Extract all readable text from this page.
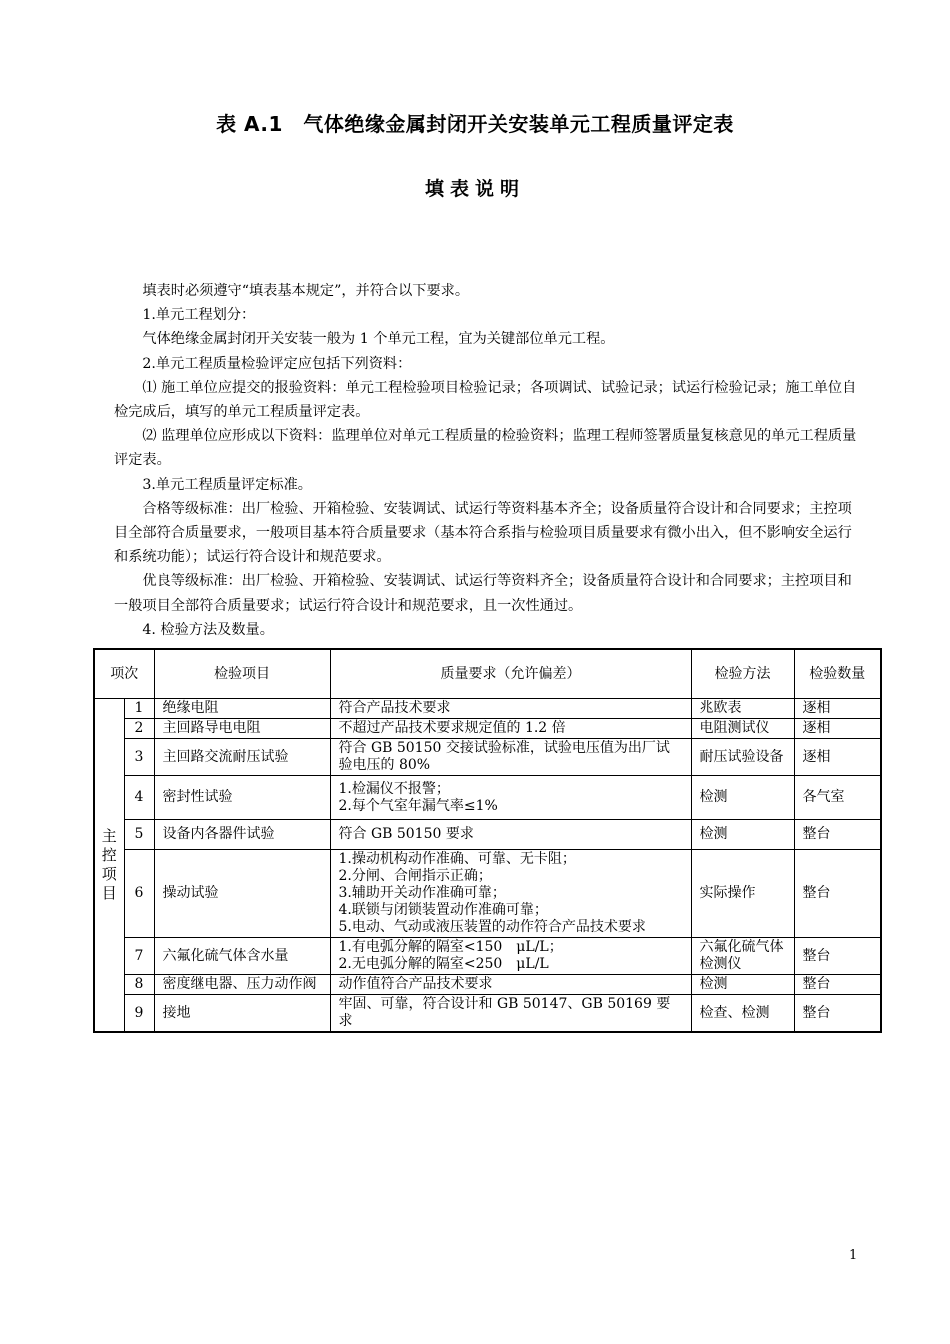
表 A.1　气体绝缘金属封闭开关安装单元工程质量评定表
填表说明

填表时必须遵守“填表基本规定”，并符合以下要求。

1.单元工程划分：

气体绝缘金属封闭开关安装一般为 1 个单元工程，宜为关键部位单元工程。

2.单元工程质量检验评定应包括下列资料：

⑴ 施工单位应提交的报验资料：单元工程检验项目检验记录；各项调试、试验记录；试运行检验记录；施工单位自检完成后，填写的单元工程质量评定表。

⑵ 监理单位应形成以下资料：监理单位对单元工程质量的检验资料；监理工程师签署质量复核意见的单元工程质量评定表。

3.单元工程质量评定标准。

合格等级标准：出厂检验、开箱检验、安装调试、试运行等资料基本齐全；设备质量符合设计和合同要求；主控项目全部符合质量要求，一般项目基本符合质量要求（基本符合系指与检验项目质量要求有微小出入，但不影响安全运行和系统功能）；试运行符合设计和规范要求。

优良等级标准：出厂检验、开箱检验、安装调试、试运行等资料齐全；设备质量符合设计和合同要求；主控项目和一般项目全部符合质量要求；试运行符合设计和规范要求，且一次性通过。

4. 检验方法及数量。

项次		检验项目	质量要求（允许偏差）	检验方法	检验数量
主控项目	1	绝缘电阻	符合产品技术要求	兆欧表	逐相
	2	主回路导电电阻	不超过产品技术要求规定值的 1.2 倍	电阻测试仪	逐相
	3	主回路交流耐压试验	符合 GB 50150 交接试验标准，试验电压值为出厂试验电压的 80%	耐压试验设备	逐相
	4	密封性试验	1.检漏仪不报警；
2.每个气室年漏气率≤1%	检测	各气室
	5	设备内各器件试验	符合 GB 50150 要求	检测	整台
	6	操动试验	1.操动机构动作准确、可靠、无卡阻；
2.分闸、合闸指示正确；
3.辅助开关动作准确可靠；
4.联锁与闭锁装置动作准确可靠；
5.电动、气动或液压装置的动作符合产品技术要求	实际操作	整台
	7	六氟化硫气体含水量	1.有电弧分解的隔室<150　μL/L；
2.无电弧分解的隔室<250　μL/L	六氟化硫气体检测仪	整台
	8	密度继电器、压力动作阀	动作值符合产品技术要求	检测	整台
	9	接地	牢固、可靠，符合设计和 GB 50147、GB 50169 要求	检查、检测	整台
1
